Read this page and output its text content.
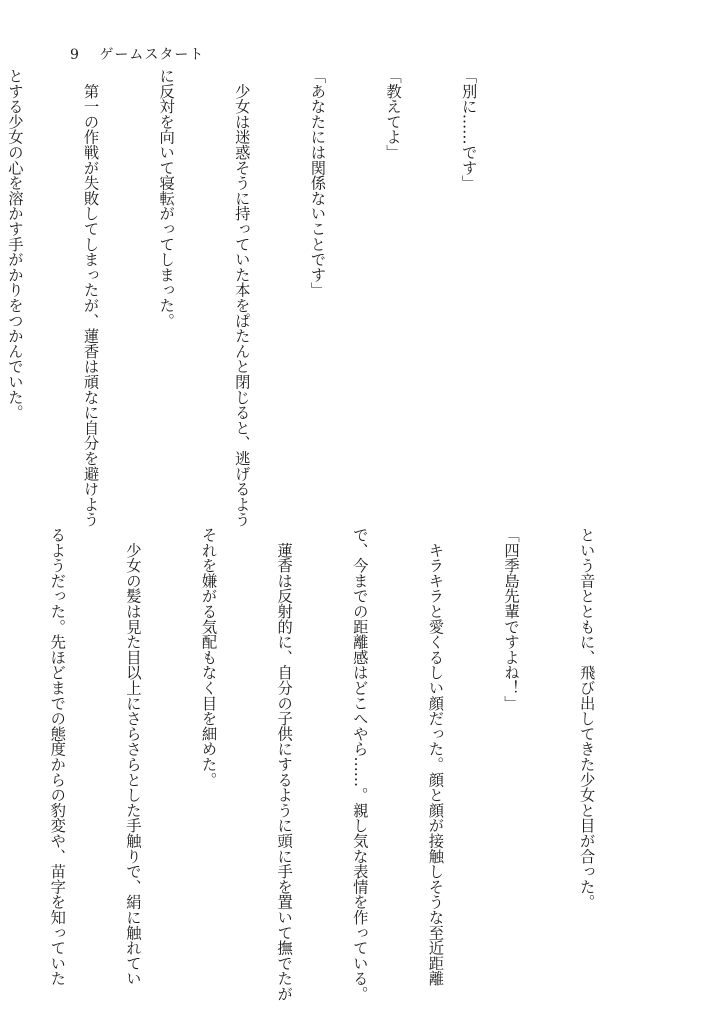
9 ゲームスタート

「別に……です」

「教えてよ」

「あなたには関係ないことです」

　少女は迷惑そうに持っていた本をぱたんと閉じると、逃げるよう

に反対を向いて寝転がってしまった。

　第一の作戦が失敗してしまったが、蓮香は頑なに自分を避けよう

とする少女の心を溶かす手がかりをつかんでいた。

という音とともに、飛び出してきた少女と目が合った。

「四季島先輩ですよね！」

　キラキラと愛くるしい顔だった。顔と顔が接触しそうな至近距離

で、今までの距離感はどこへやら……。親し気な表情を作っている。

　蓮香は反射的に、自分の子供にするように頭に手を置いて撫でたが

それを嫌がる気配もなく目を細めた。

　少女の髪は見た目以上にさらさらとした手触りで、絹に触れてい

るようだった。先ほどまでの態度からの豹変や、苗字を知っていた
